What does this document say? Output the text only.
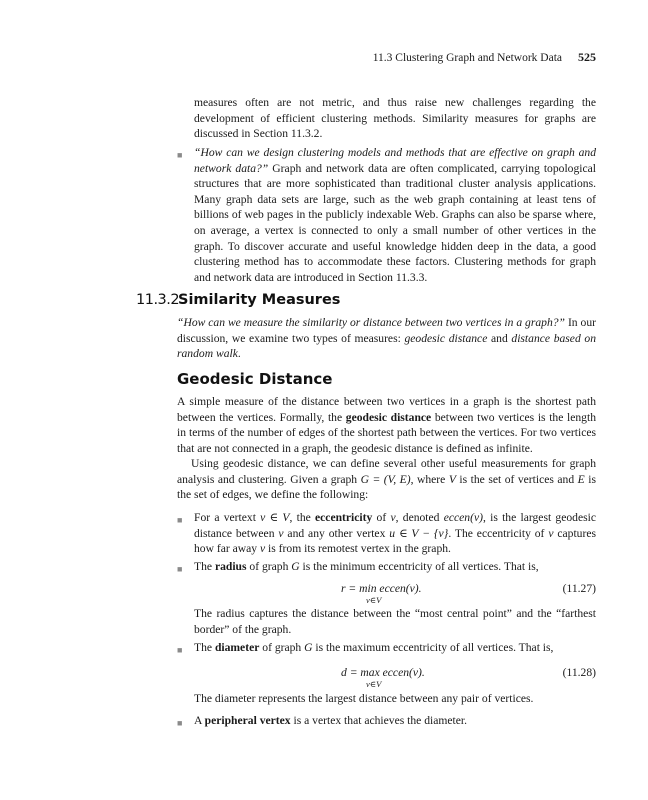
11.3 Clustering Graph and Network Data 525

measures often are not metric, and thus raise new challenges regarding the development of efficient clustering methods. Similarity measures for graphs are discussed in Section 11.3.2.

■

“How can we design clustering models and methods that are effective on graph and network data?” Graph and network data are often complicated, carrying topological structures that are more sophisticated than traditional cluster analysis applications. Many graph data sets are large, such as the web graph containing at least tens of billions of web pages in the publicly indexable Web. Graphs can also be sparse where, on average, a vertex is connected to only a small number of other vertices in the graph. To discover accurate and useful knowledge hidden deep in the data, a good clustering method has to accommodate these factors. Clustering methods for graph and network data are introduced in Section 11.3.3.

11.3.2Similarity Measures

“How can we measure the similarity or distance between two vertices in a graph?” In our discussion, we examine two types of measures: geodesic distance and distance based on random walk.

Geodesic Distance

A simple measure of the distance between two vertices in a graph is the shortest path between the vertices. Formally, the geodesic distance between two vertices is the length in terms of the number of edges of the shortest path between the vertices. For two vertices that are not connected in a graph, the geodesic distance is defined as infinite.

Using geodesic distance, we can define several other useful measurements for graph analysis and clustering. Given a graph G = (V, E), where V is the set of vertices and E is the set of edges, we define the following:

■

For a vertext v ∈ V, the eccentricity of v, denoted eccen(v), is the largest geodesic distance between v and any other vertex u ∈ V − {v}. The eccentricity of v captures how far away v is from its remotest vertex in the graph.

■

The radius of graph G is the minimum eccentricity of all vertices. That is,

r = min eccen(v).
v∈V
(11.27)

The radius captures the distance between the “most central point” and the “farthest border” of the graph.

■

The diameter of graph G is the maximum eccentricity of all vertices. That is,

d = max eccen(v).
v∈V
(11.28)

The diameter represents the largest distance between any pair of vertices.

■

A peripheral vertex is a vertex that achieves the diameter.
